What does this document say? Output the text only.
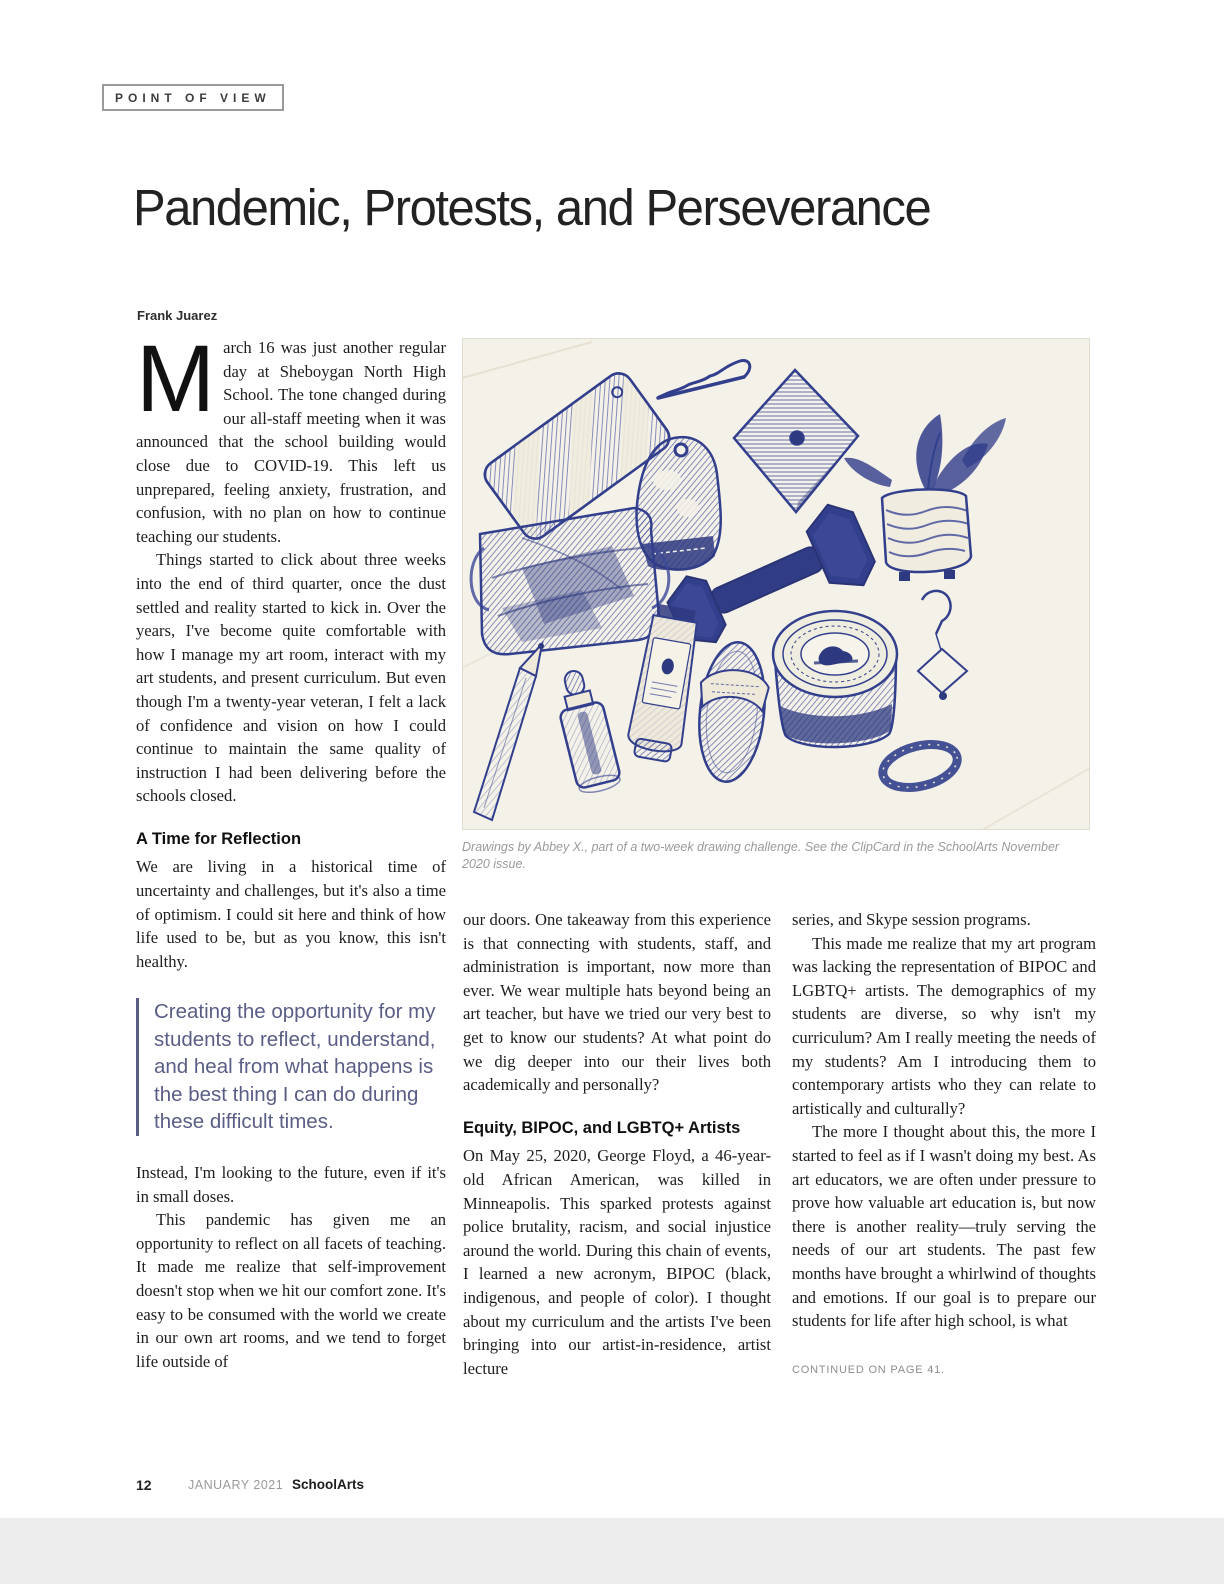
POINT OF VIEW
Pandemic, Protests, and Perseverance
Frank Juarez

March 16 was just another regular day at Sheboygan North High School. The tone changed during our all-staff meeting when it was announced that the school building would close due to COVID-19. This left us unprepared, feeling anxiety, frustration, and confusion, with no plan on how to continue teaching our students.

Things started to click about three weeks into the end of third quarter, once the dust settled and reality started to kick in. Over the years, I've become quite comfortable with how I manage my art room, interact with my art students, and present curriculum. But even though I'm a twenty-year veteran, I felt a lack of confidence and vision on how I could continue to maintain the same quality of instruction I had been delivering before the schools closed.

A Time for Reflection

We are living in a historical time of uncertainty and challenges, but it's also a time of optimism. I could sit here and think of how life used to be, but as you know, this isn't healthy.

Creating the opportunity for my students to reflect, understand, and heal from what happens is the best thing I can do during these difficult times.

Instead, I'm looking to the future, even if it's in small doses.

This pandemic has given me an opportunity to reflect on all facets of teaching. It made me realize that self-improvement doesn't stop when we hit our comfort zone. It's easy to be consumed with the world we create in our own art rooms, and we tend to forget life outside of

Drawings by Abbey X., part of a two-week drawing challenge. See the ClipCard in the SchoolArts November 2020 issue.

our doors. One takeaway from this experience is that connecting with students, staff, and administration is important, now more than ever. We wear multiple hats beyond being an art teacher, but have we tried our very best to get to know our students? At what point do we dig deeper into our their lives both academically and personally?

Equity, BIPOC, and LGBTQ+ Artists

On May 25, 2020, George Floyd, a 46-year-old African American, was killed in Minneapolis. This sparked protests against police brutality, racism, and social injustice around the world. During this chain of events, I learned a new acronym, BIPOC (black, indigenous, and people of color). I thought about my curriculum and the artists I've been bringing into our artist-in-residence, artist lecture

series, and Skype session programs.

This made me realize that my art program was lacking the representation of BIPOC and LGBTQ+ artists. The demographics of my students are diverse, so why isn't my curriculum? Am I really meeting the needs of my students? Am I introducing them to contemporary artists who they can relate to artistically and culturally?

The more I thought about this, the more I started to feel as if I wasn't doing my best. As art educators, we are often under pressure to prove how valuable art education is, but now there is another reality—truly serving the needs of our art students. The past few months have brought a whirlwind of thoughts and emotions. If our goal is to prepare our students for life after high school, is what

CONTINUED ON PAGE 41.
12	JANUARY 2021 SchoolArts
